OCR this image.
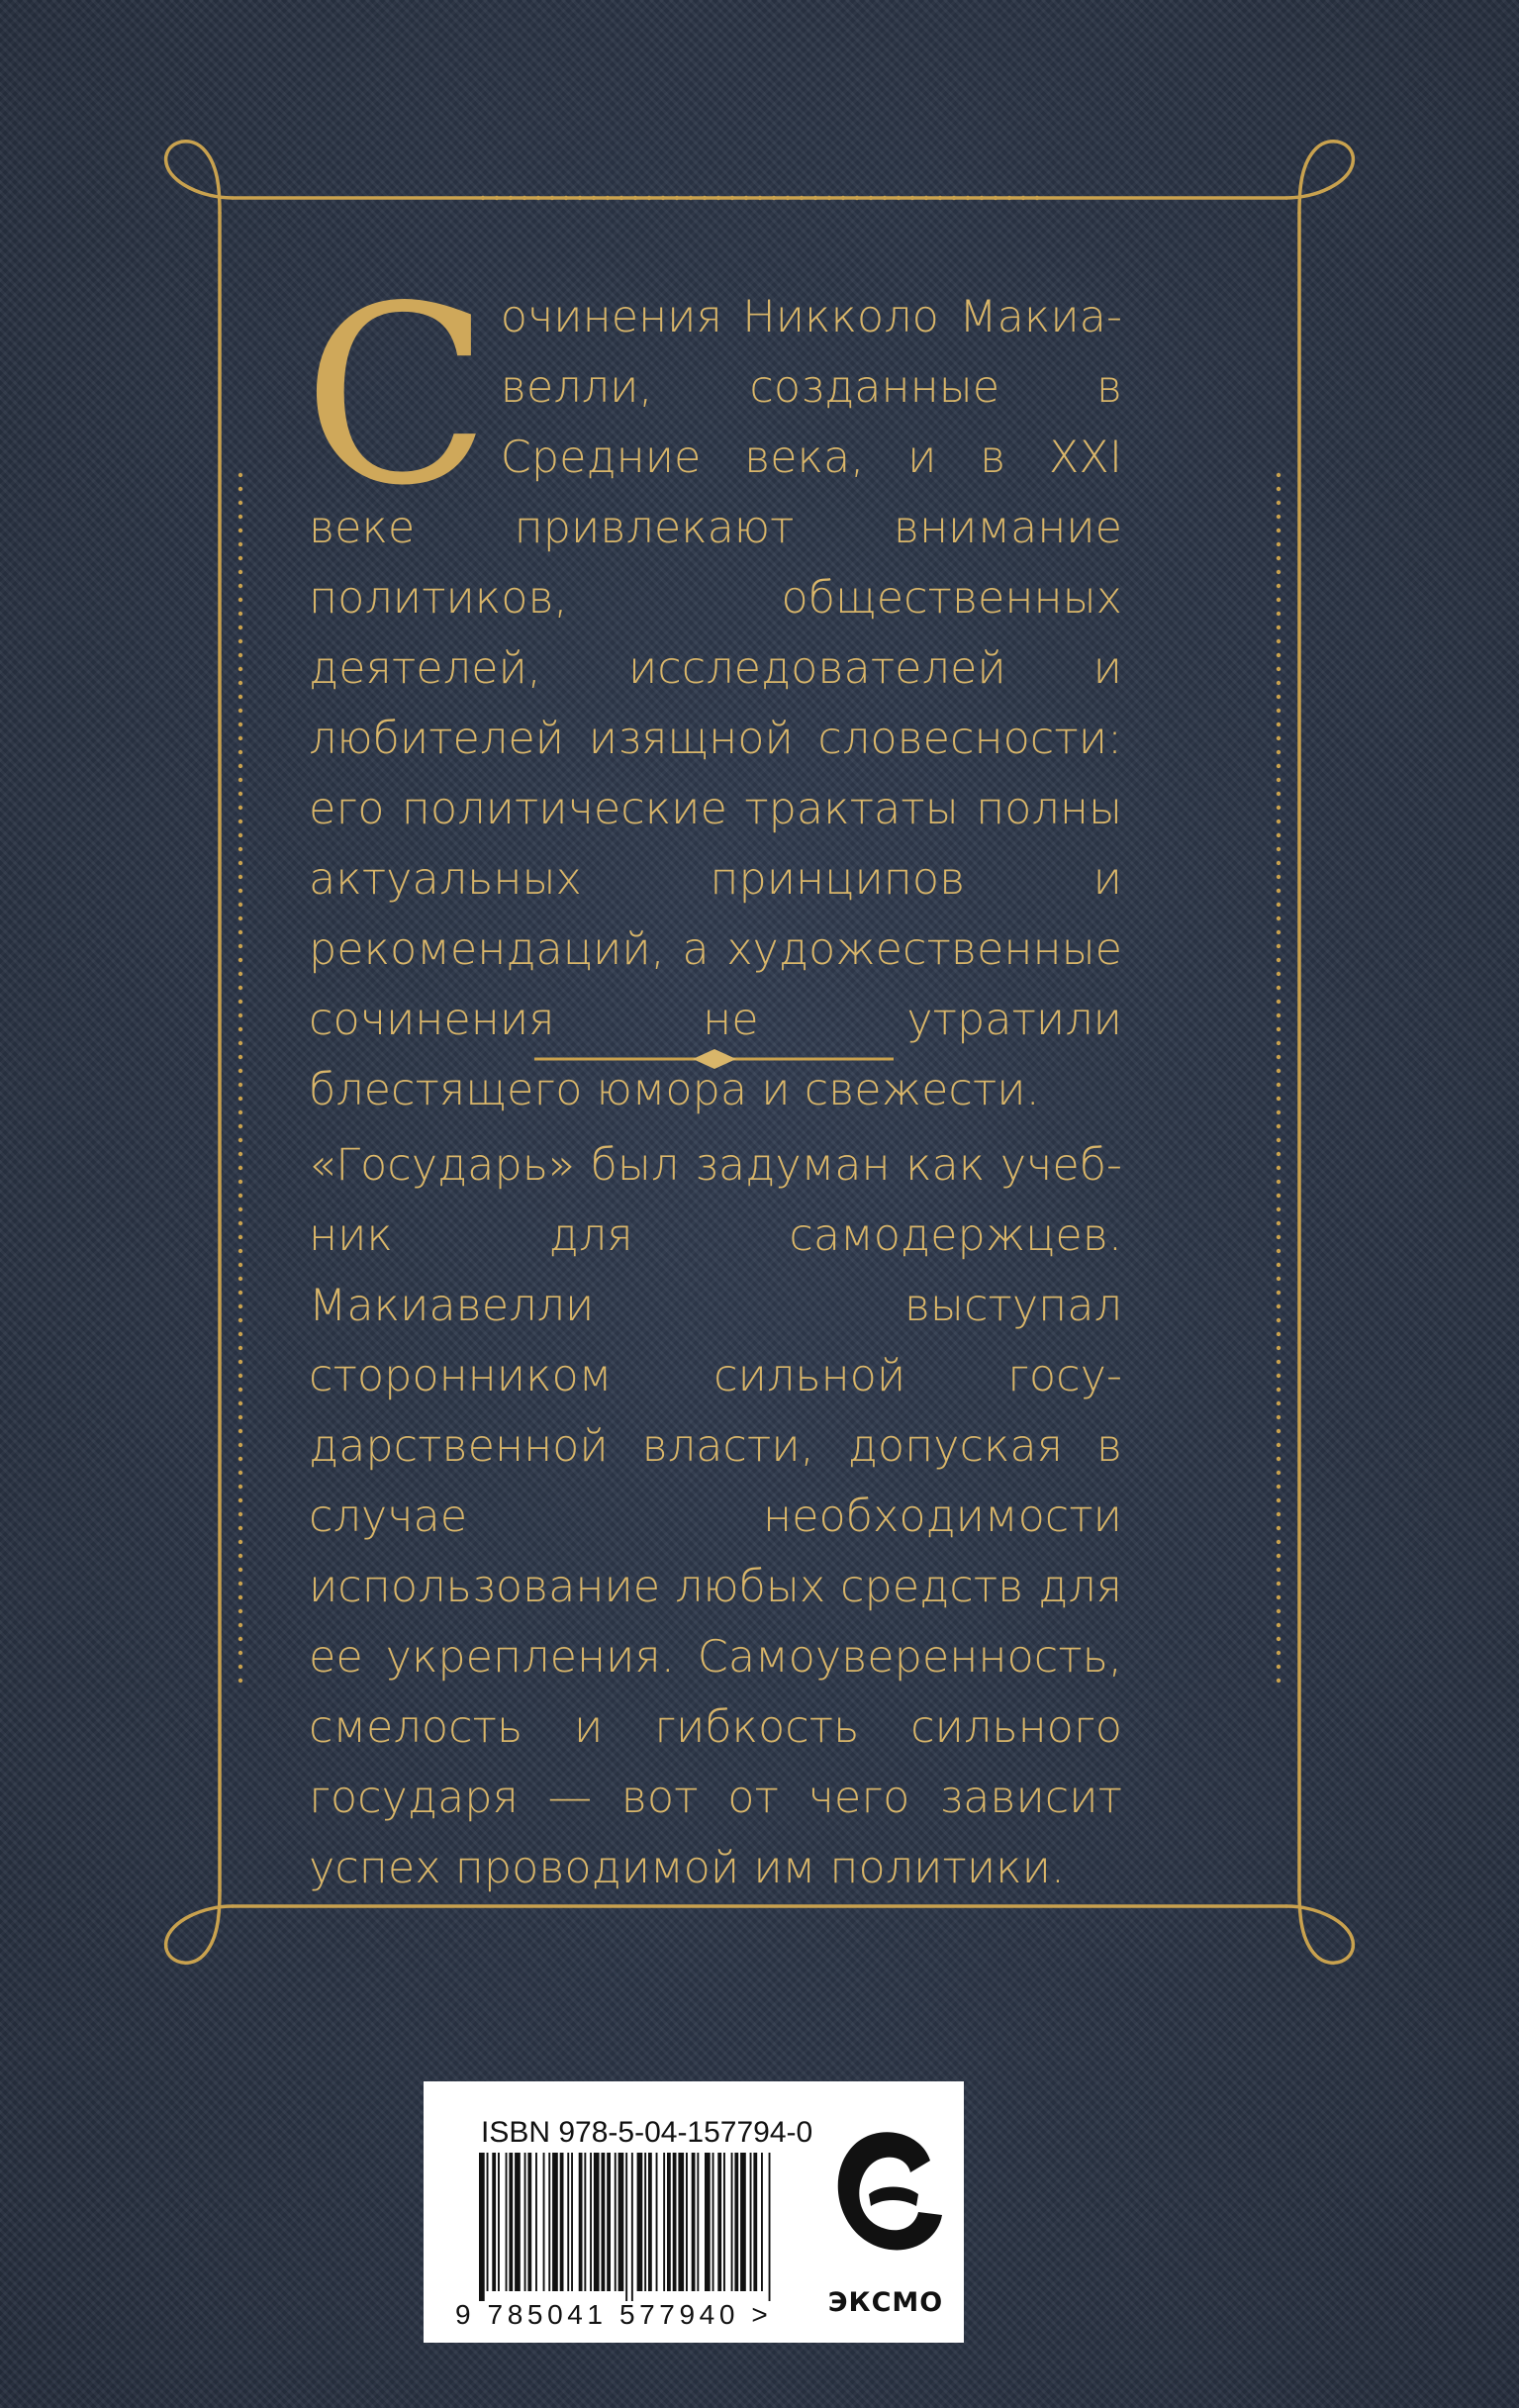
Сочинения Никколо Макиавелли, созданные в Средние века, и в XXI веке привлекают внимание политиков, общественных деятелей, исследователей и любителей изящной словесности: его политические трактаты полны актуальных принципов и рекомендаций, а художественные сочинения не утратили блестящего юмора и свежести.

«Государь» был задуман как учебник для самодержцев. Макиавелли выступал сторонником сильной государственной власти, допуская в случае необходимости использование любых средств для ее укрепления. Самоуверенность, смелость и гибкость сильного государя — вот от чего зависит успех проводимой им политики.

ISBN 978-5-04-157794-0
9 785041 577940 > ЭКСМО
